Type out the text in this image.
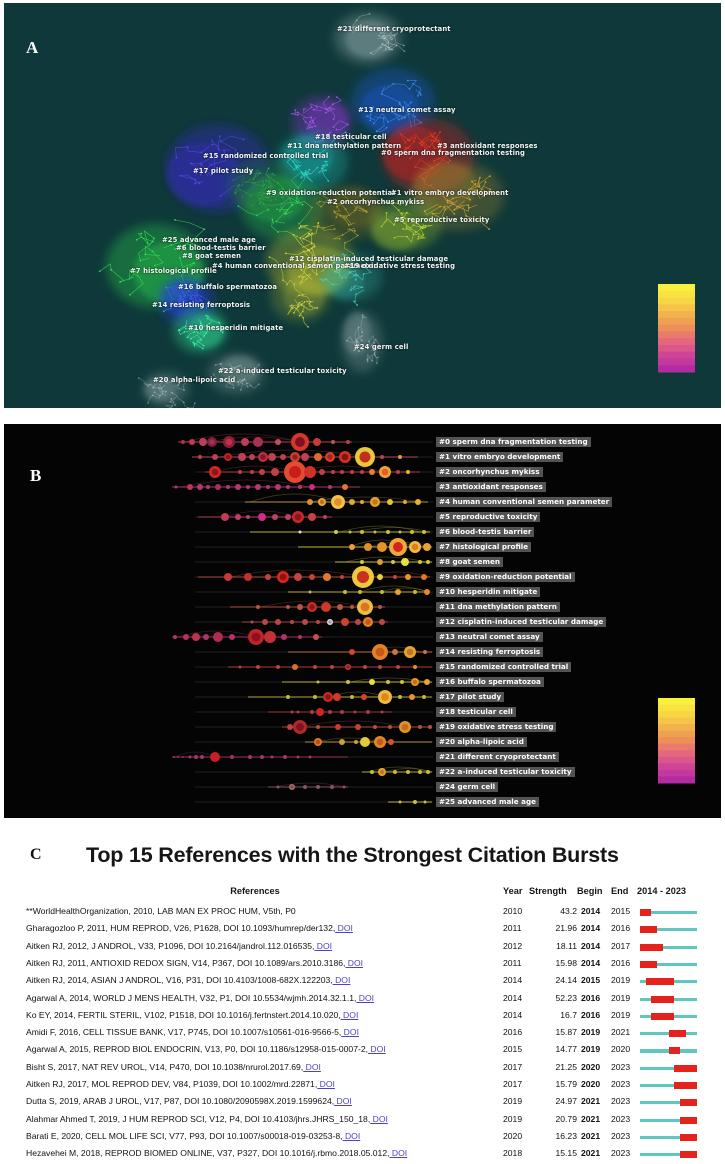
A
B
C
#21 different cryoprotectant
#13 neutral comet assay
#18 testicular cell
#11 dna methylation pattern	#3 antioxidant responses
#0 sperm dna fragmentation testing
#15 randomized controlled trial
#17 pilot study
#9 oxidation-reduction potential
#1 vitro embryo development
#2 oncorhynchus mykiss
#5 reproductive toxicity
#25 advanced male age
#6 blood-testis barrier
#8 goat semen	#12 cisplatin-induced testicular damage
#4 human conventional semen parameter
#19 oxidative stress testing
#7 histological profile
#16 buffalo spermatozoa
#14 resisting ferroptosis
#10 hesperidin mitigate
#24 germ cell
#22 a-induced testicular toxicity
#20 alpha-lipoic acid
#0 sperm dna fragmentation testing
#1 vitro embryo development
#2 oncorhynchus mykiss
#3 antioxidant responses
#4 human conventional semen parameter
#5 reproductive toxicity
#6 blood-testis barrier
#7 histological profile
#8 goat semen
#9 oxidation-reduction potential
#10 hesperidin mitigate
#11 dna methylation pattern
#12 cisplatin-induced testicular damage
#13 neutral comet assay
#14 resisting ferroptosis
#15 randomized controlled trial
#16 buffalo spermatozoa
#17 pilot study
#18 testicular cell
#19 oxidative stress testing
#20 alpha-lipoic acid
#21 different cryoprotectant
#22 a-induced testicular toxicity
#24 germ cell
#25 advanced male age
Top 15 References with the Strongest Citation Bursts
References	Year Strength Begin End 2014 - 2023
**WorldHealthOrganization, 2010, LAB MAN EX PROC HUM, V5th, P0	2010	43.2 2014 2015
Gharagozloo P, 2011, HUM REPROD, V26, P1628, DOI 10.1093/humrep/der132, DOI	2011	21.96 2014 2016
Aitken RJ, 2012, J ANDROL, V33, P1096, DOI 10.2164/jandrol.112.016535, DOI	2012	18.11 2014 2017
Aitken RJ, 2011, ANTIOXID REDOX SIGN, V14, P367, DOI 10.1089/ars.2010.3186, DOI	2011	15.98 2014 2016
Aitken RJ, 2014, ASIAN J ANDROL, V16, P31, DOI 10.4103/1008-682X.122203, DOI	2014	24.14 2015 2019
Agarwal A, 2014, WORLD J MENS HEALTH, V32, P1, DOI 10.5534/wjmh.2014.32.1.1, DOI	2014	52.23 2016 2019
Ko EY, 2014, FERTIL STERIL, V102, P1518, DOI 10.1016/j.fertnstert.2014.10.020, DOI	2014	16.7 2016 2019
Amidi F, 2016, CELL TISSUE BANK, V17, P745, DOI 10.1007/s10561-016-9566-5, DOI	2016	15.87 2019 2021
Agarwal A, 2015, REPROD BIOL ENDOCRIN, V13, P0, DOI 10.1186/s12958-015-0007-2, DOI	2015	14.77 2019 2020
Bisht S, 2017, NAT REV UROL, V14, P470, DOI 10.1038/nrurol.2017.69, DOI	2017	21.25 2020 2023
Aitken RJ, 2017, MOL REPROD DEV, V84, P1039, DOI 10.1002/mrd.22871, DOI	2017	15.79 2020 2023
Dutta S, 2019, ARAB J UROL, V17, P87, DOI 10.1080/2090598X.2019.1599624, DOI	2019	24.97 2021 2023
Alahmar Ahmed T, 2019, J HUM REPROD SCI, V12, P4, DOI 10.4103/jhrs.JHRS_150_18, DOI	2019	20.79 2021 2023
Barati E, 2020, CELL MOL LIFE SCI, V77, P93, DOI 10.1007/s00018-019-03253-8, DOI	2020	16.23 2021 2023
Hezavehei M, 2018, REPROD BIOMED ONLINE, V37, P327, DOI 10.1016/j.rbmo.2018.05.012, DOI	2018	15.15 2021 2023
